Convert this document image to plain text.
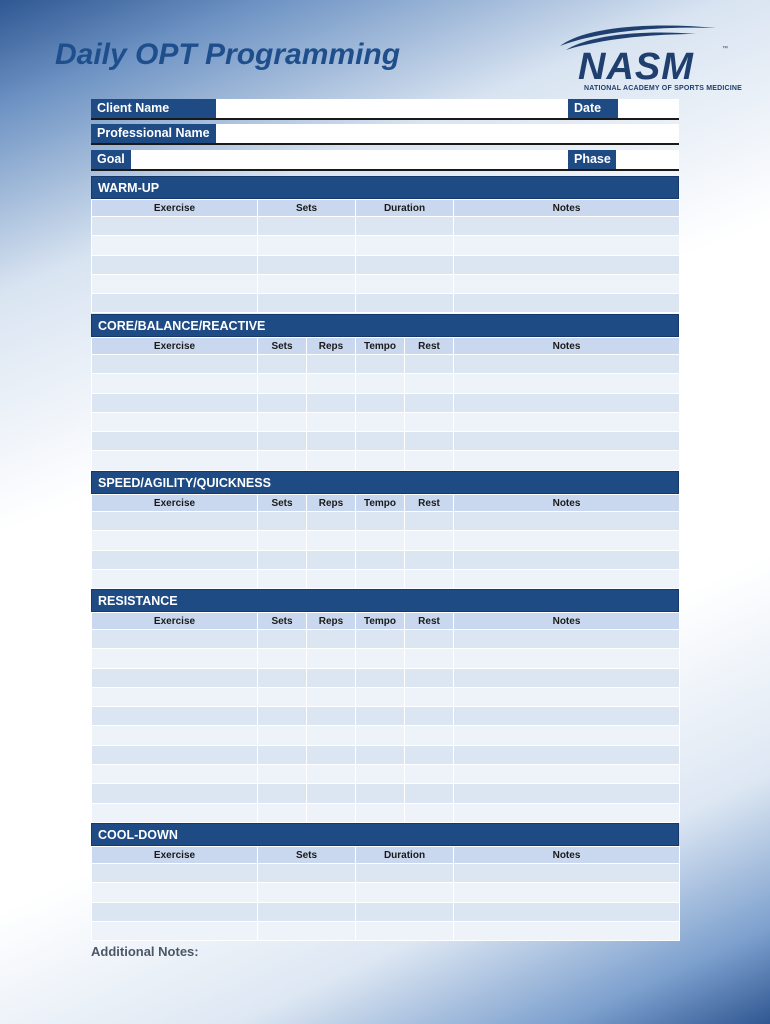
Daily OPT Programming	NASM	™
NATIONAL ACADEMY OF SPORTS MEDICINE
Client Name	Date
Professional Name
Goal	Phase
WARM-UP
Exercise	Sets	Duration	Notes

CORE/BALANCE/REACTIVE
Exercise	Sets	Reps	Tempo	Rest	Notes

SPEED/AGILITY/QUICKNESS
Exercise	Sets	Reps	Tempo	Rest	Notes

RESISTANCE
Exercise	Sets	Reps	Tempo	Rest	Notes

COOL-DOWN
Exercise	Sets	Duration	Notes

Additional Notes:
